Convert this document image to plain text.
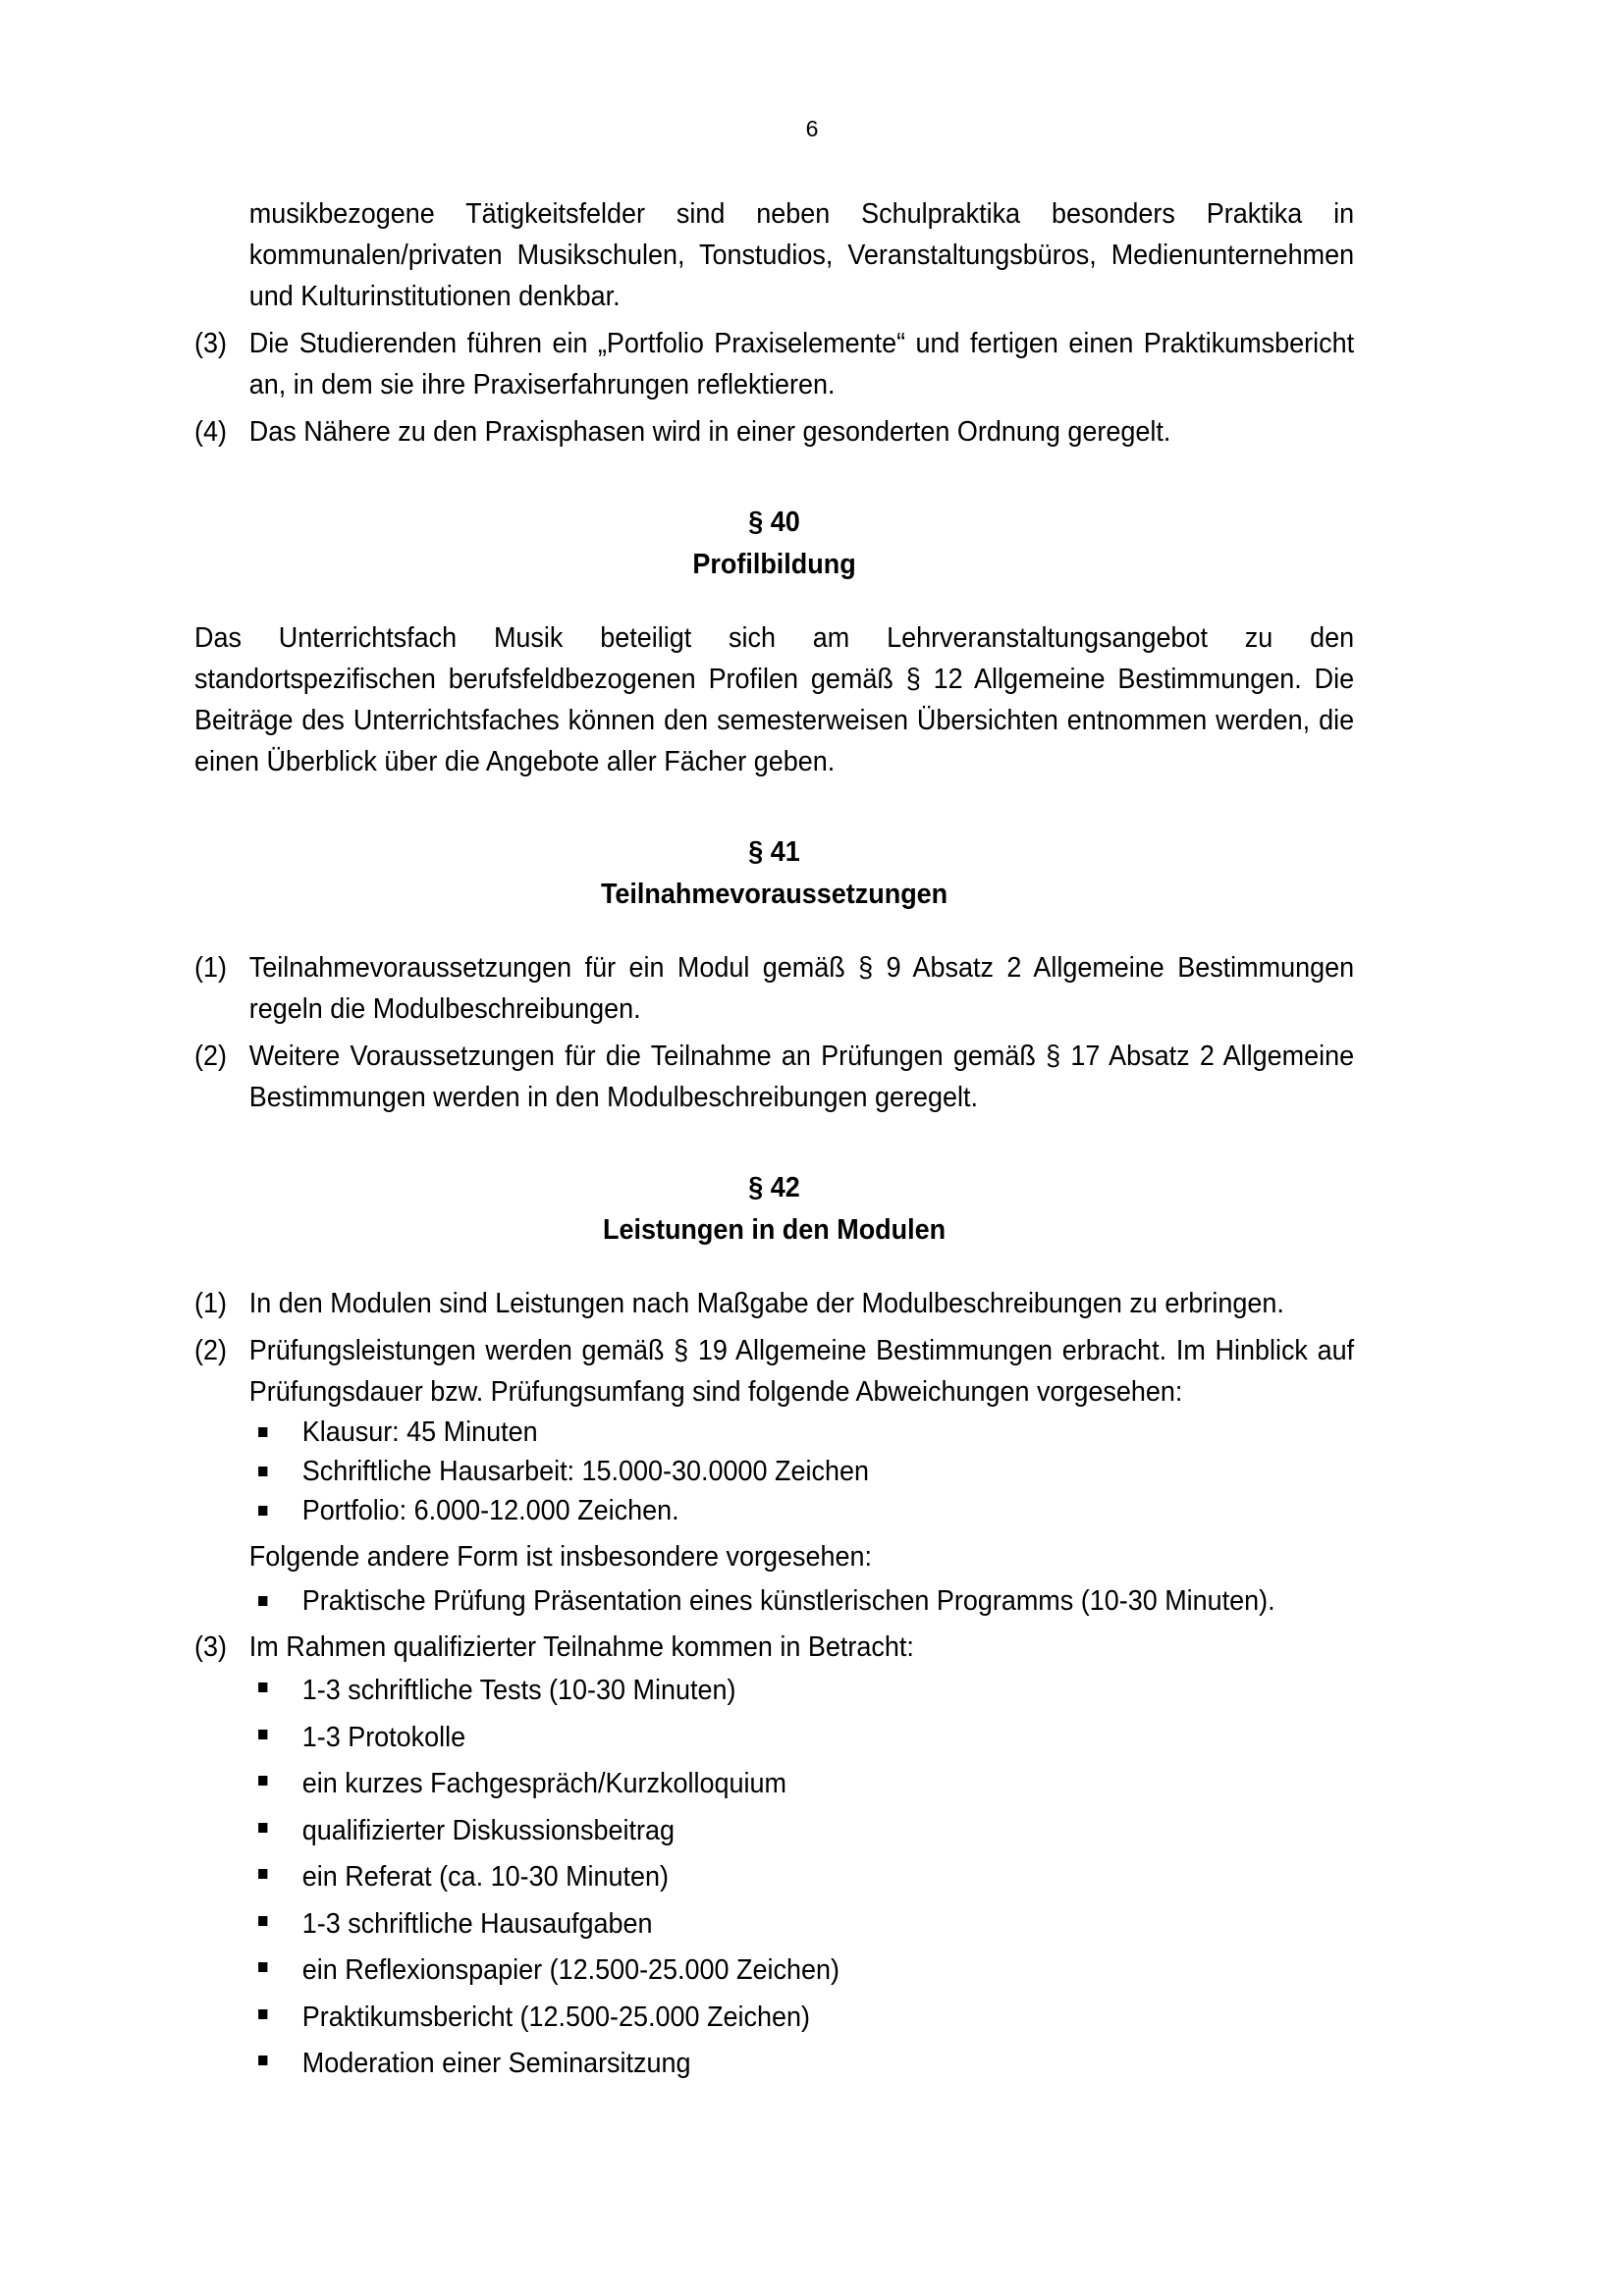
6

musikbezogene Tätigkeitsfelder sind neben Schulpraktika besonders Praktika in kommunalen/privaten Musikschulen, Tonstudios, Veranstaltungsbüros, Medienunternehmen und Kulturinstitutionen denkbar.

(3) Die Studierenden führen ein „Portfolio Praxiselemente“ und fertigen einen Praktikumsbericht an, in dem sie ihre Praxiserfahrungen reflektieren.
(4) Das Nähere zu den Praxisphasen wird in einer gesonderten Ordnung geregelt.
§ 40
Profilbildung

Das Unterrichtsfach Musik beteiligt sich am Lehrveranstaltungsangebot zu den standortspezifischen berufsfeldbezogenen Profilen gemäß § 12 Allgemeine Bestimmungen. Die Beiträge des Unterrichtsfaches können den semesterweisen Übersichten entnommen werden, die einen Überblick über die Angebote aller Fächer geben.

§ 41
Teilnahmevoraussetzungen
(1) Teilnahmevoraussetzungen für ein Modul gemäß § 9 Absatz 2 Allgemeine Bestimmungen regeln die Modulbeschreibungen.
(2) Weitere Voraussetzungen für die Teilnahme an Prüfungen gemäß § 17 Absatz 2 Allgemeine Bestimmungen werden in den Modulbeschreibungen geregelt.
§ 42
Leistungen in den Modulen
(1) In den Modulen sind Leistungen nach Maßgabe der Modulbeschreibungen zu erbringen.
(2) Prüfungsleistungen werden gemäß § 19 Allgemeine Bestimmungen erbracht. Im Hinblick auf Prüfungsdauer bzw. Prüfungsumfang sind folgende Abweichungen vorgesehen:
Klausur: 45 Minuten
Schriftliche Hausarbeit: 15.000-30.0000 Zeichen
Portfolio: 6.000-12.000 Zeichen.

Folgende andere Form ist insbesondere vorgesehen:

Praktische Prüfung Präsentation eines künstlerischen Programms (10-30 Minuten).
(3) Im Rahmen qualifizierter Teilnahme kommen in Betracht:
1-3 schriftliche Tests (10-30 Minuten)
1-3 Protokolle
ein kurzes Fachgespräch/Kurzkolloquium
qualifizierter Diskussionsbeitrag
ein Referat (ca. 10-30 Minuten)
1-3 schriftliche Hausaufgaben
ein Reflexionspapier (12.500-25.000 Zeichen)
Praktikumsbericht (12.500-25.000 Zeichen)
Moderation einer Seminarsitzung
